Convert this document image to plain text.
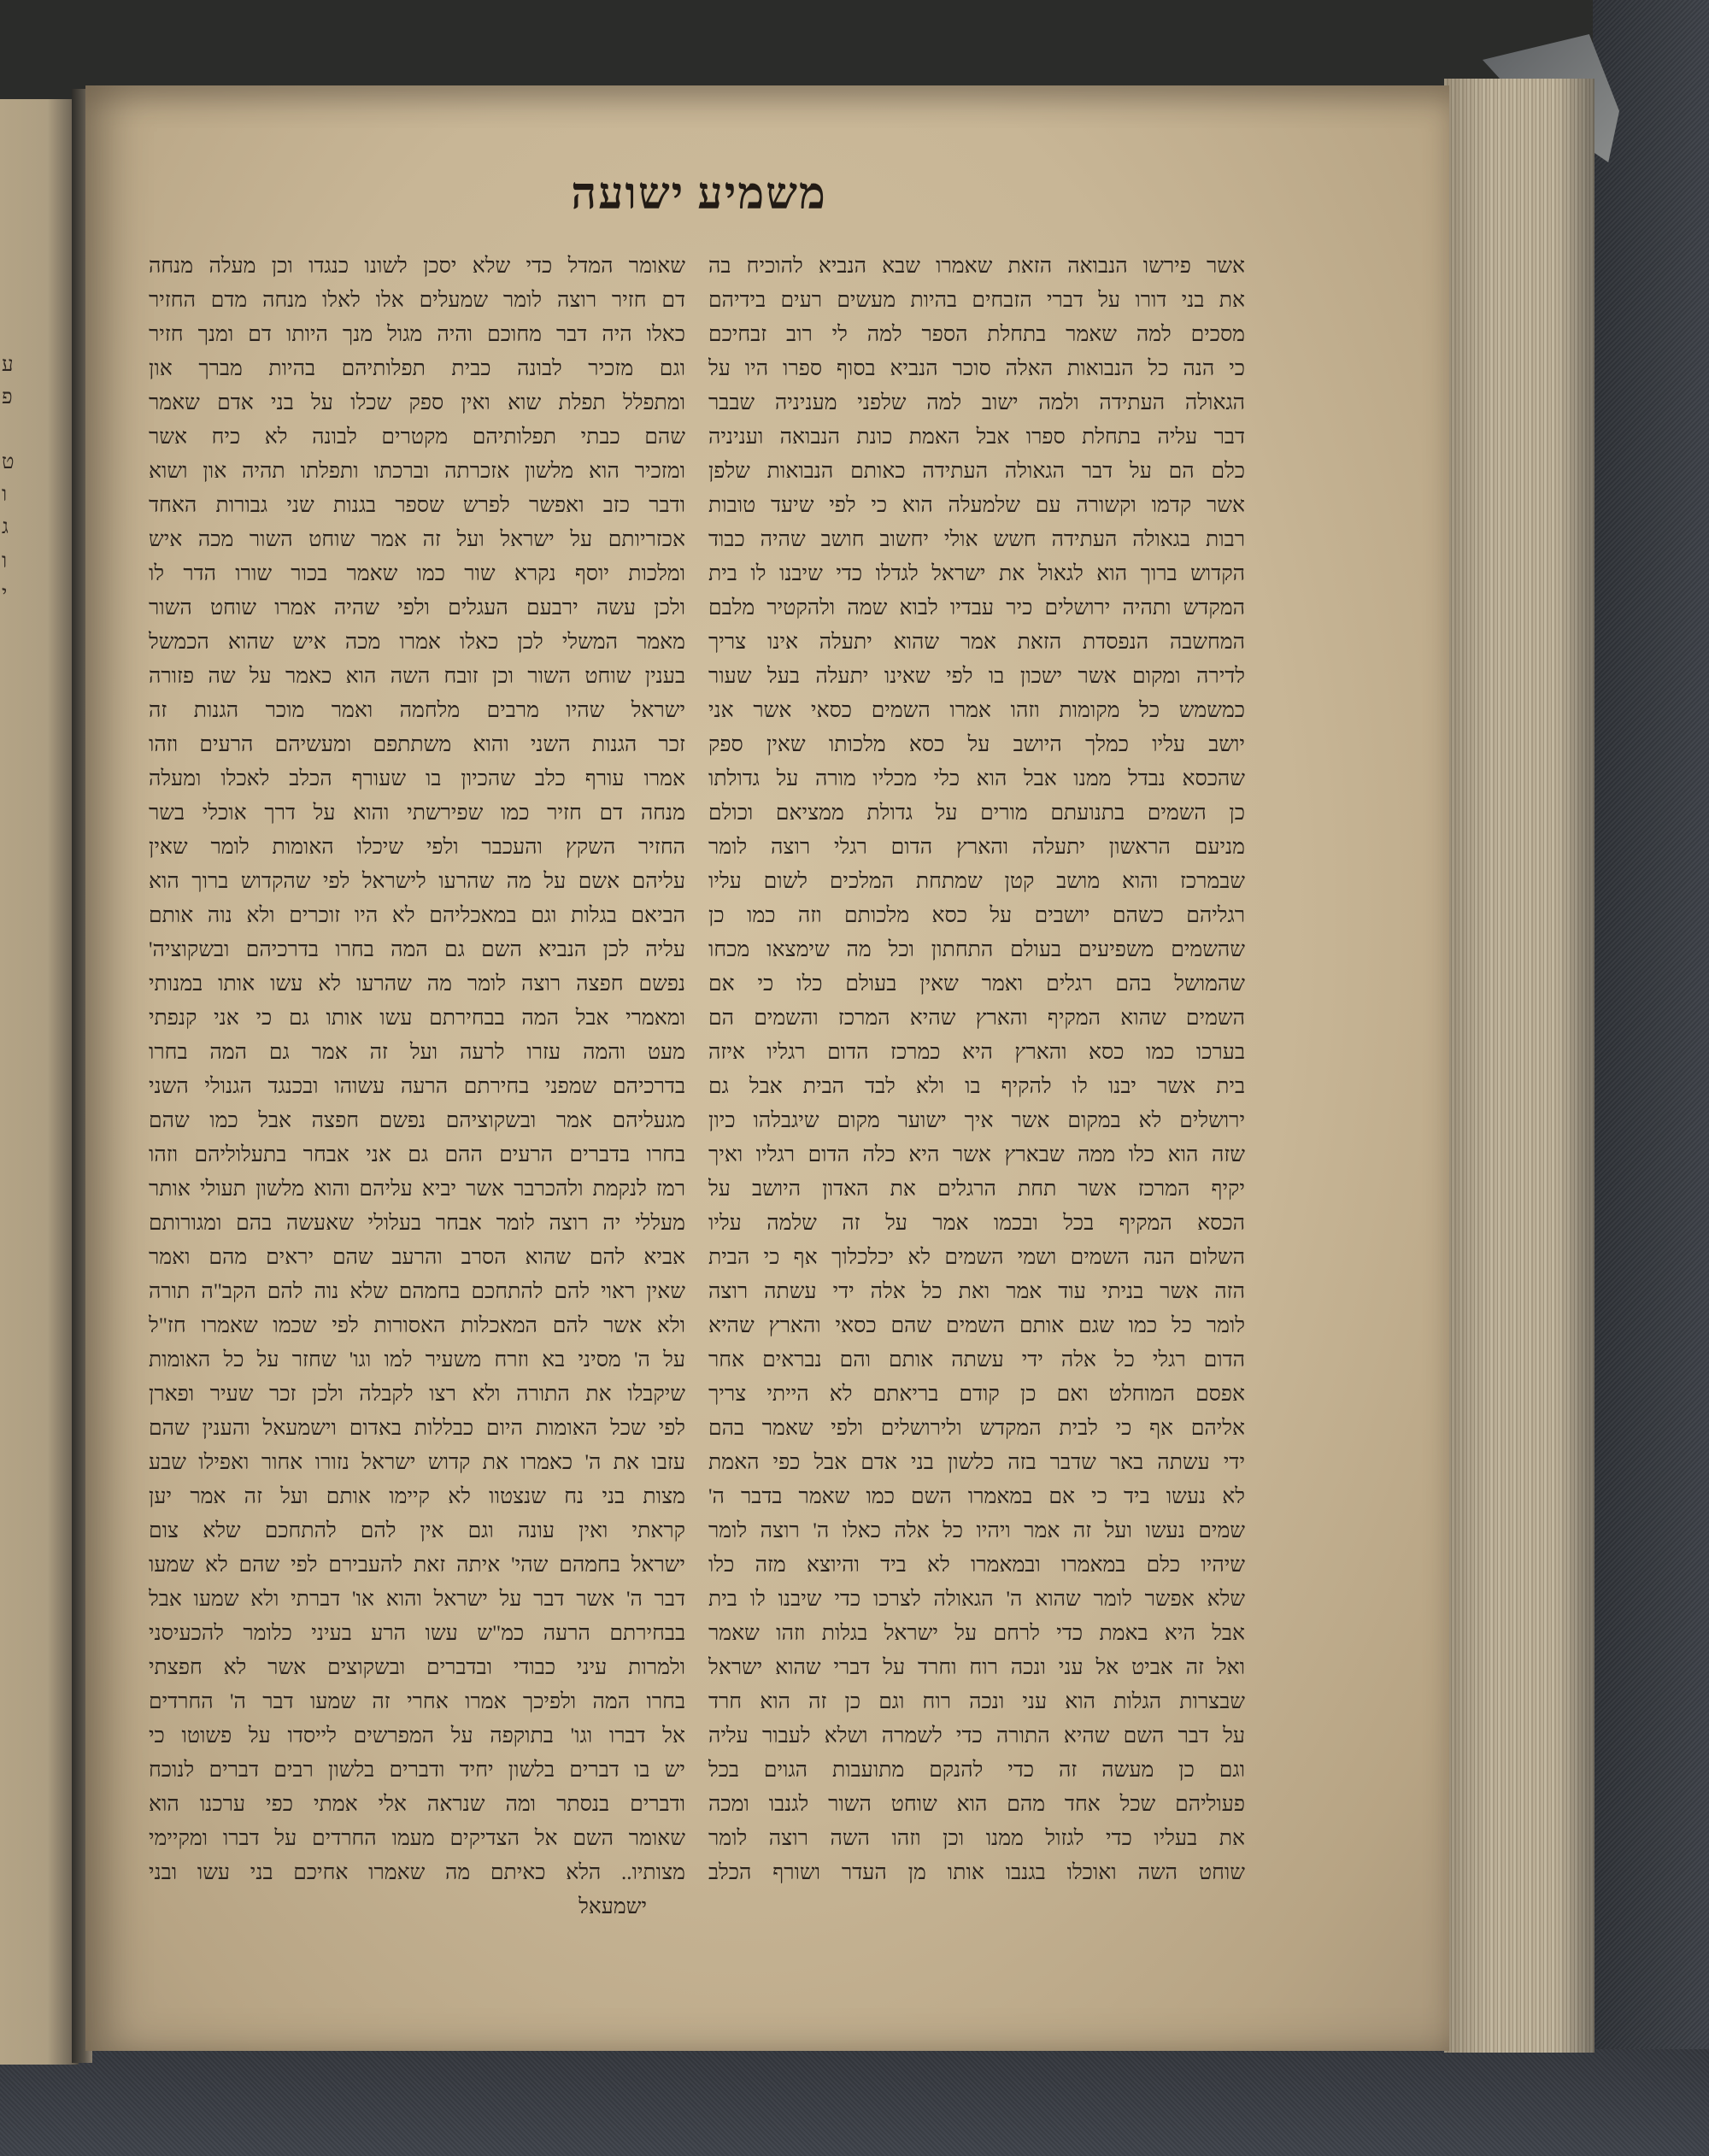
ע
פ
ט
ו
ג
ו
י
משמיע ישועה
אשר פירשו הנבואה הזאת שאמרו שבא הנביא להוכיח בה
את בני דורו על דברי הזבחים בהיות מעשים רעים בידיהם
מסכים למה שאמר בתחלת הספר למה לי רוב זבחיכם
כי הנה כל הנבואות האלה סוכר הנביא בסוף ספרו היו על
הגאולה העתידה ולמה ישוב למה שלפני מעניניה שבבר
דבר עליה בתחלת ספרו אבל האמת כונת הנבואה ועניניה
כלם הם על דבר הגאולה העתידה כאותם הנבואות שלפן
אשר קדמו וקשורה עם שלמעלה הוא כי לפי שיעד טובות
רבות בגאולה העתידה חשש אולי יחשוב חושב שהיה כבוד
הקדוש ברוך הוא לגאול את ישראל לגדלו כדי שיבנו לו בית
המקדש ותהיה ירושלים כיר עבדיו לבוא שמה ולהקטיר מלבם
המחשבה הנפסדת הזאת אמר שהוא יתעלה אינו צריך
לדירה ומקום אשר ישכון בו לפי שאינו יתעלה בעל שעור
כמשמש כל מקומות וזהו אמרו השמים כסאי אשר אני
יושב עליו כמלך היושב על כסא מלכותו שאין ספק
שהכסא נבדל ממנו אבל הוא כלי מכליו מורה על גדולתו
כן השמים בתנועתם מורים על גדולת ממציאם וכולם
מניעם הראשון יתעלה והארץ הדום רגלי רוצה לומר
שבמרכז והוא מושב קטן שמתחת המלכים לשום עליו
רגליהם כשהם יושבים על כסא מלכותם וזה כמו כן
שהשמים משפיעים בעולם התחתון וכל מה שימצאו מכחו
שהמושל בהם רגלים ואמר שאין בעולם כלו כי אם
השמים שהוא המקיף והארץ שהיא המרכז והשמים הם
בערכו כמו כסא והארץ היא כמרכז הדום רגליו איזה
בית אשר יבנו לו להקיף בו ולא לבד הבית אבל גם
ירושלים לא במקום אשר איך ישוער מקום שיגבלהו כיון
שזה הוא כלו ממה שבארץ אשר היא כלה הדום רגליו ואיך
יקיף המרכז אשר תחת הרגלים את האדון היושב על
הכסא המקיף בכל ובכמו אמר על זה שלמה עליו
השלום הנה השמים ושמי השמים לא יכלכלוך אף כי הבית
הזה אשר בניתי עוד אמר ואת כל אלה ידי עשתה רוצה
לומר כל כמו שגם אותם השמים שהם כסאי והארץ שהיא
הדום רגלי כל אלה ידי עשתה אותם והם נבראים אחר
אפסם המוחלט ואם כן קודם בריאתם לא הייתי צריך
אליהם אף כי לבית המקדש ולירושלים ולפי שאמר בהם
ידי עשתה באר שדבר בזה כלשון בני אדם אבל כפי האמת
לא נעשו ביד כי אם במאמרו השם כמו שאמר בדבר ה'
שמים נעשו ועל זה אמר ויהיו כל אלה כאלו ה' רוצה לומר
שיהיו כלם במאמרו ובמאמרו לא ביד והיוצא מזה כלו
שלא אפשר לומר שהוא ה' הגאולה לצרכו כדי שיבנו לו בית
אבל היא באמת כדי לרחם על ישראל בגלות וזהו שאמר
ואל זה אביט אל עני ונכה רוח וחרד על דברי שהוא ישראל
שבצרות הגלות הוא עני ונכה רוח וגם כן זה הוא חרד
על דבר השם שהיא התורה כדי לשמרה ושלא לעבור עליה
וגם כן מעשה זה כדי להנקם מתועבות הגוים בכל
פעוליהם שכל אחד מהם הוא שוחט השור לגנבו ומכה
את בעליו כדי לגזול ממנו וכן וזהו השה רוצה לומר
שוחט השה ואוכלו בגנבו אותו מן העדר ושורף הכלב
שאומר המדל כדי שלא יסכן לשונו כנגדו וכן מעלה מנחה
דם חזיר רוצה לומר שמעלים אלו לאלו מנחה מדם החזיר
כאלו היה דבר מחוכם והיה מגול מנך היותו דם ומנך חזיר
וגם מזכיר לבונה כבית תפלותיהם בהיות מברך און
ומתפלל תפלת שוא ואין ספק שכלו על בני אדם שאמר
שהם כבתי תפלותיהם מקטרים לבונה לא כיח אשר
ומזכיר הוא מלשון אזכרתה וברכתו ותפלתו תהיה און ושוא
ודבר כזב ואפשר לפרש שספר בגנות שני גבורות האחד
אכזריותם על ישראל ועל זה אמר שוחט השור מכה איש
ומלכות יוסף נקרא שור כמו שאמר בכור שורו הדר לו
ולכן עשה ירבעם העגלים ולפי שהיה אמרו שוחט השור
מאמר המשלי לכן כאלו אמרו מכה איש שהוא הכמשל
בענין שוחט השור וכן זובח השה הוא כאמר על שה פזורה
ישראל שהיו מרבים מלחמה ואמר מוכר הגנות זה
זכר הגנות השני והוא משתתפם ומעשיהם הרעים וזהו
אמרו עורף כלב שהכיון בו שעורף הכלב לאכלו ומעלה
מנחה דם חזיר כמו שפירשתי והוא על דרך אוכלי בשר
החזיר השקץ והעכבר ולפי שיכלו האומות לומר שאין
עליהם אשם על מה שהרעו לישראל לפי שהקדוש ברוך הוא
הביאם בגלות וגם במאכליהם לא היו זוכרים ולא נוה אותם
עליה לכן הנביא השם גם המה בחרו בדרכיהם ובשקוציה'
נפשם חפצה רוצה לומר מה שהרעו לא עשו אותו במנותי
ומאמרי אבל המה בבחירתם עשו אותו גם כי אני קנפתי
מעט והמה עזרו לרעה ועל זה אמר גם המה בחרו
בדרכיהם שמפני בחירתם הרעה עשוהו ובכנגד הגנולי השני
מגעליהם אמר ובשקוציהם נפשם חפצה אבל כמו שהם
בחרו בדברים הרעים ההם גם אני אבחר בתעלוליהם וזהו
רמז לנקמת ולהכרבר אשר יביא עליהם והוא מלשון תעולי אותר
מעללי יה רוצה לומר אבחר בעלולי שאעשה בהם ומגורותם
אביא להם שהוא הסרב והרעב שהם יראים מהם ואמר
שאין ראוי להם להתחכם בחמהם שלא נוה להם הקב"ה תורה
ולא אשר להם המאכלות האסורות לפי שכמו שאמרו חז"ל
על ה' מסיני בא וזרח משעיר למו וגו' שחזר על כל האומות
שיקבלו את התורה ולא רצו לקבלה ולכן זכר שעיר ופארן
לפי שכל האומות היום כבללות באדום וישמעאל והענין שהם
עזבו את ה' כאמרו את קדוש ישראל נזורו אחור ואפילו שבע
מצות בני נח שנצטוו לא קיימו אותם ועל זה אמר יען
קראתי ואין עונה וגם אין להם להתחכם שלא צום
ישראל בחמהם שהי' איתה זאת להעבירם לפי שהם לא שמעו
דבר ה' אשר דבר על ישראל והוא או' דברתי ולא שמעו אבל
בבחירתם הרעה כמ"ש עשו הרע בעיני כלומר להכעיסני
ולמרות עיני כבודי ובדברים ובשקוצים אשר לא חפצתי
בחרו המה ולפיכך אמרו אחרי זה שמעו דבר ה' החרדים
אל דברו וגו' בתוקפה על המפרשים לייסדו על פשוטו כי
יש בו דברים בלשון יחיד ודברים בלשון רבים דברים לנוכח
ודברים בנסתר ומה שנראה אלי אמתי כפי ערכנו הוא
שאומר השם אל הצדיקים מעמו החרדים על דברו ומקיימי
מצותיו.. הלא כאיתם מה שאמרו אחיכם בני עשו ובני
ישמעאל
